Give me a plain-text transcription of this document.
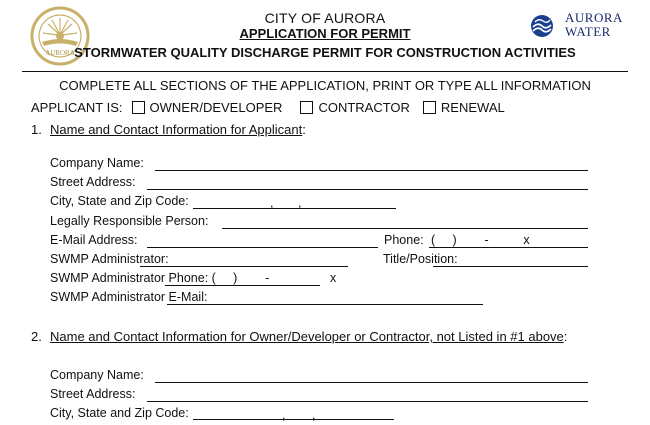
AURORA
CITY OF AURORA
APPLICATION FOR PERMIT
STORMWATER QUALITY DISCHARGE PERMIT FOR CONSTRUCTION ACTIVITIES
AURORA
WATER
COMPLETE ALL SECTIONS OF THE APPLICATION, PRINT OR TYPE ALL INFORMATION
APPLICANT IS: OWNER/DEVELOPER	CONTRACTOR RENEWAL
1. Name and Contact Information for Applicant:
Company Name:
Street Address:
City, State and Zip Code:	, ,
Legally Responsible Person:
E-Mail Address:	Phone: (     )        -          x
SWMP Administrator:	Title/Position:
SWMP Administrator Phone: (     )        -	x
SWMP Administrator E-Mail:
2. Name and Contact Information for Owner/Developer or Contractor, not Listed in #1 above:
Company Name:
Street Address:
City, State and Zip Code:	, ,
